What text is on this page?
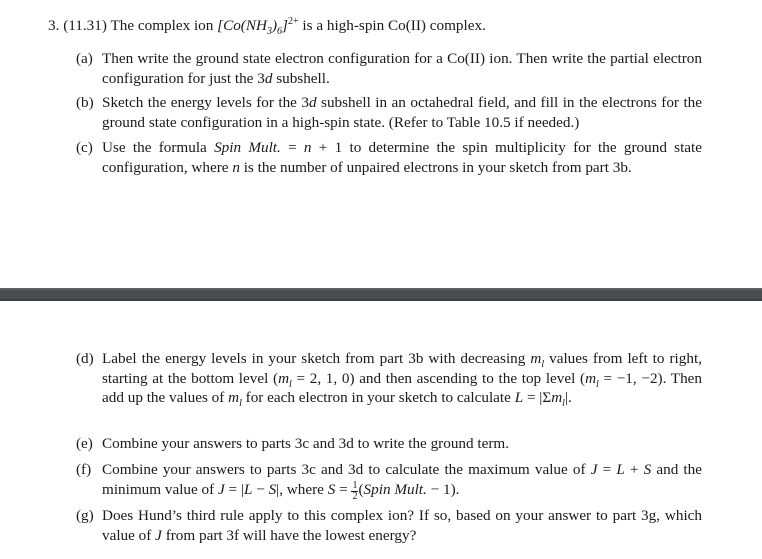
3. (11.31) The complex ion $[Co(NH_3)_6]^{2+}$ is a high-spin Co(II) complex.
(a) Then write the ground state electron configuration for a Co(II) ion. Then write the partial electron configuration for just the 3d subshell.
(b) Sketch the energy levels for the 3d subshell in an octahedral field, and fill in the electrons for the ground state configuration in a high-spin state. (Refer to Table 10.5 if needed.)
(c) Use the formula Spin Mult. = n + 1 to determine the spin multiplicity for the ground state configuration, where n is the number of unpaired electrons in your sketch from part 3b.
(d) Label the energy levels in your sketch from part 3b with decreasing $m_l$ values from left to right, starting at the bottom level ($m_l = 2$, 1, 0) and then ascending to the top level ($m_l = -1$, −2). Then add up the values of $m_l$ for each electron in your sketch to calculate $L = |\Sigma m_l|$.
(e) Combine your answers to parts 3c and 3d to write the ground term.
(f) Combine your answers to parts 3c and 3d to calculate the maximum value of J = L + S and the minimum value of J = |L − S|, where $S = \frac{1}{2}$ (Spin Mult. − 1).
(g) Does Hund’s third rule apply to this complex ion? If so, based on your answer to part 3g, which value of J from part 3f will have the lowest energy?
